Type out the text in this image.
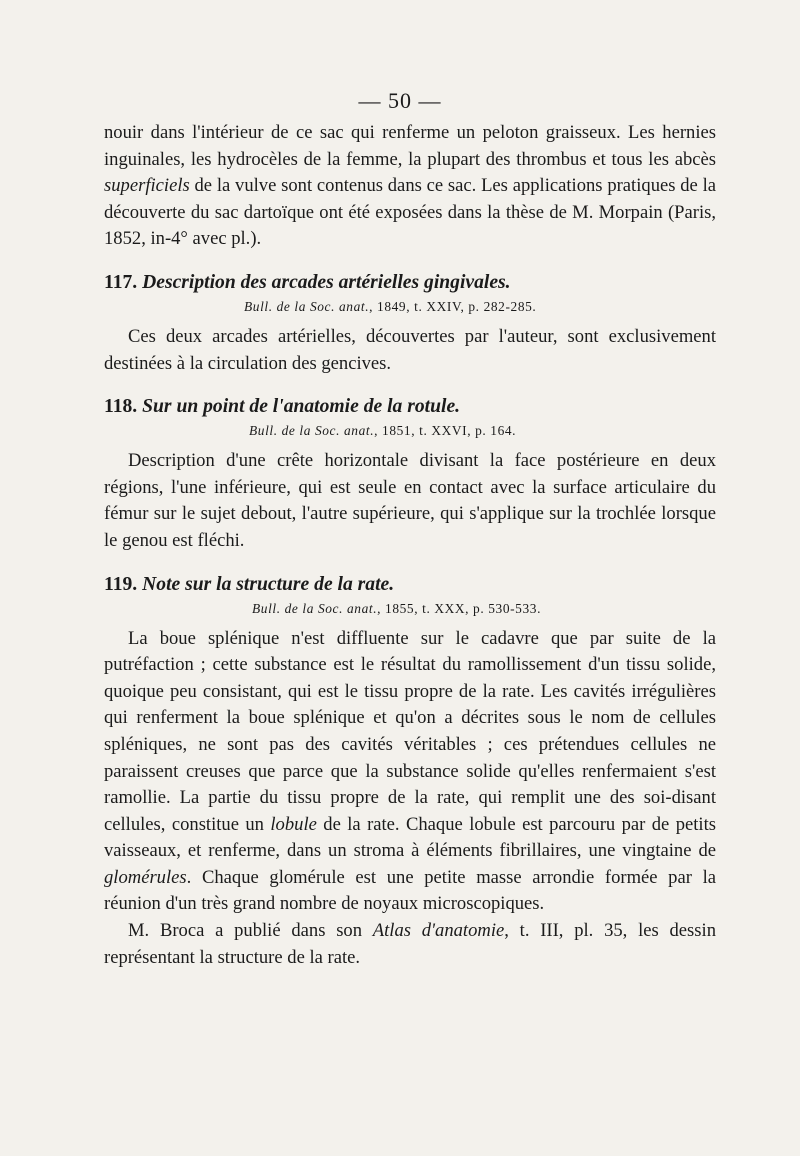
— 50 —

nouir dans l'intérieur de ce sac qui renferme un peloton graisseux. Les hernies inguinales, les hydrocèles de la femme, la plupart des thrombus et tous les abcès superficiels de la vulve sont contenus dans ce sac. Les applications pratiques de la découverte du sac dartoïque ont été exposées dans la thèse de M. Morpain (Paris, 1852, in-4° avec pl.).

117. Description des arcades artérielles gingivales.

Bull. de la Soc. anat., 1849, t. XXIV, p. 282-285.

Ces deux arcades artérielles, découvertes par l'auteur, sont exclusivement destinées à la circulation des gencives.

118. Sur un point de l'anatomie de la rotule.

Bull. de la Soc. anat., 1851, t. XXVI, p. 164.

Description d'une crête horizontale divisant la face postérieure en deux régions, l'une inférieure, qui est seule en contact avec la surface articulaire du fémur sur le sujet debout, l'autre supérieure, qui s'applique sur la trochlée lorsque le genou est fléchi.

119. Note sur la structure de la rate.

Bull. de la Soc. anat., 1855, t. XXX, p. 530-533.

La boue splénique n'est diffluente sur le cadavre que par suite de la putréfaction ; cette substance est le résultat du ramollissement d'un tissu solide, quoique peu consistant, qui est le tissu propre de la rate. Les cavités irrégulières qui renferment la boue splénique et qu'on a décrites sous le nom de cellules spléniques, ne sont pas des cavités véritables ; ces prétendues cellules ne paraissent creuses que parce que la substance solide qu'elles renfermaient s'est ramollie. La partie du tissu propre de la rate, qui remplit une des soi-disant cellules, constitue un lobule de la rate. Chaque lobule est parcouru par de petits vaisseaux, et renferme, dans un stroma à éléments fibrillaires, une vingtaine de glomérules. Chaque glomérule est une petite masse arrondie formée par la réunion d'un très grand nombre de noyaux microscopiques.

M. Broca a publié dans son Atlas d'anatomie, t. III, pl. 35, les dessin représentant la structure de la rate.
